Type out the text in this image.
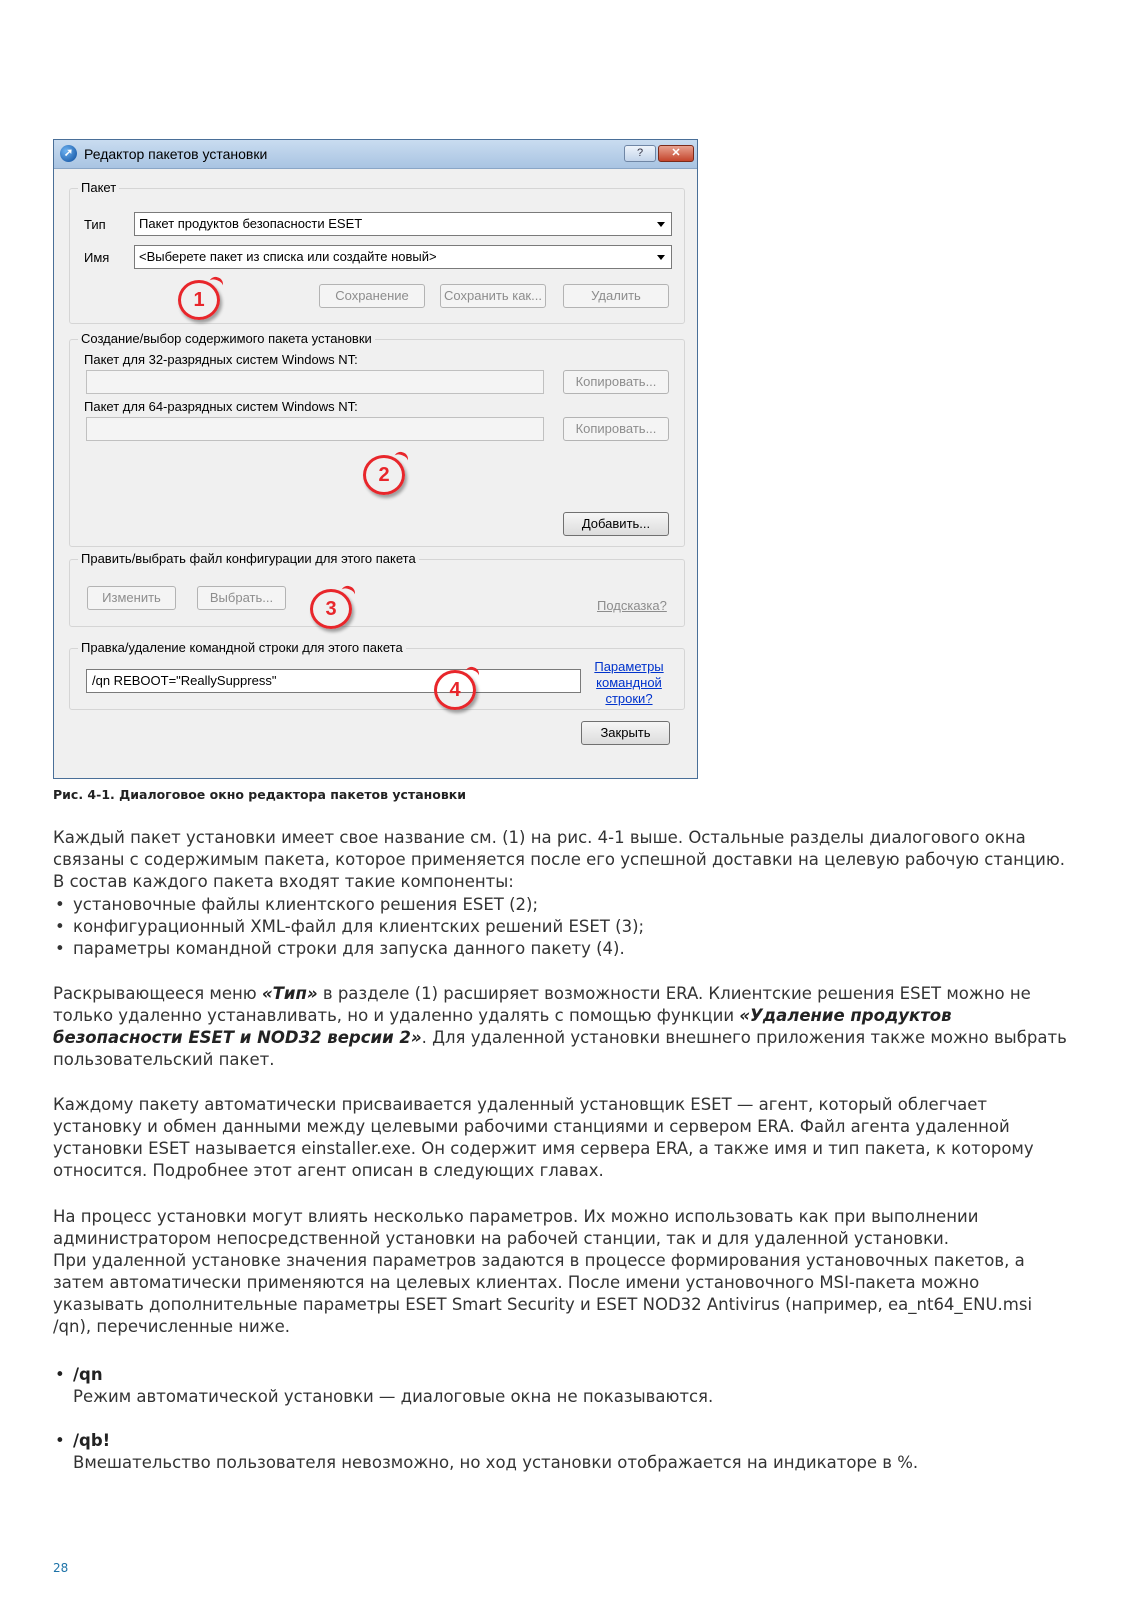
➚ Редактор пакетов установки	?	✕
Пакет
Тип	Пакет продуктов безопасности ESET
Имя	<Выберете пакет из списка или создайте новый>
Сохранение	Сохранить как...	Удалить
Создание/выбор содержимого пакета установки
Пакет для 32-разрядных систем Windows NT:
Копировать...
Пакет для 64-разрядных систем Windows NT:
Копировать...
Добавить...
Править/выбрать файл конфигурации для этого пакета
Изменить	Выбрать...
Подсказка?
Правка/удаление командной строки для этого пакета
/qn REBOOT="ReallySuppress"
Параметры командной строки?
Закрыть
1
2
3
4
Рис. 4-1. Диалоговое окно редактора пакетов установки

Каждый пакет установки имеет свое название см. (1) на рис. 4-1 выше. Остальные разделы диалогового окна связаны с содержимым пакета, которое применяется после его успешной доставки на целевую рабочую станцию. В состав каждого пакета входят такие компоненты:

• установочные файлы клиентского решения ESET (2);
• конфигурационный XML-файл для клиентских решений ESET (3);
• параметры командной строки для запуска данного пакету (4).

Раскрывающееся меню «Тип» в разделе (1) расширяет возможности ERA. Клиентские решения ESET можно не только удаленно устанавливать, но и удаленно удалять с помощью функции «Удаление продуктов безопасности ESET и NOD32 версии 2». Для удаленной установки внешнего приложения также можно выбрать пользовательский пакет.

Каждому пакету автоматически присваивается удаленный установщик ESET — агент, который облегчает установку и обмен данными между целевыми рабочими станциями и сервером ERA. Файл агента удаленной установки ESET называется einstaller.exe. Он содержит имя сервера ERA, а также имя и тип пакета, к которому относится. Подробнее этот агент описан в следующих главах.

На процесс установки могут влиять несколько параметров. Их можно использовать как при выполнении администратором непосредственной установки на рабочей станции, так и для удаленной установки.

При удаленной установке значения параметров задаются в процессе формирования установочных пакетов, а затем автоматически применяются на целевых клиентах. После имени установочного MSI-пакета можно указывать дополнительные параметры ESET Smart Security и ESET NOD32 Antivirus (например, ea_nt64_ENU.msi /qn), перечисленные ниже.

• /qn
Режим автоматической установки — диалоговые окна не показываются.
• /qb!
Вмешательство пользователя невозможно, но ход установки отображается на индикаторе в %.
28
